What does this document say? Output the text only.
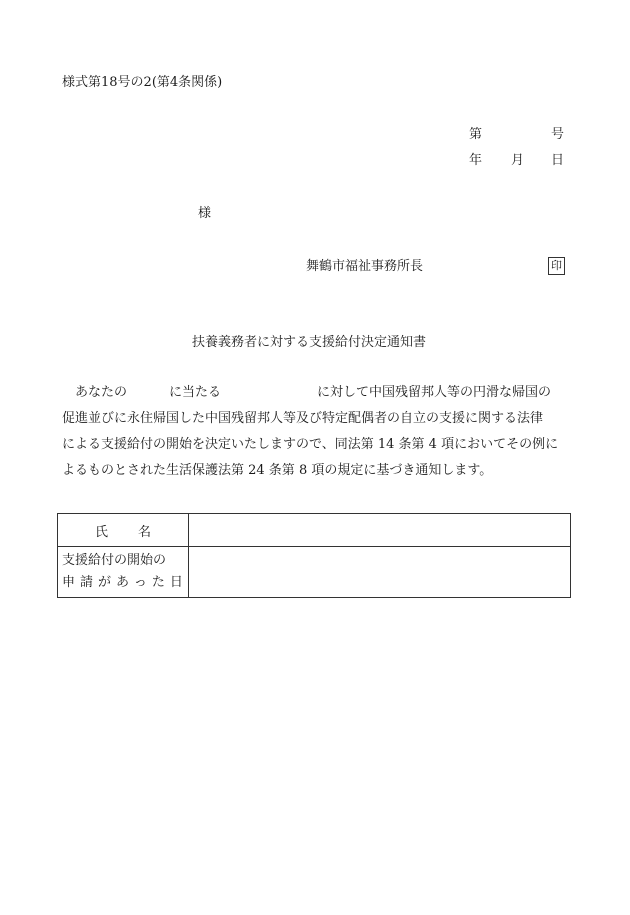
様式第18号の2(第4条関係)
第	号
年 月 日
様
舞鶴市福祉事務所長	印
扶養義務者に対する支援給付決定通知書
　あなたの	に当たる	に対して中国残留邦人等の円滑な帰国の
促進並びに永住帰国した中国残留邦人等及び特定配偶者の自立の支援に関する法律
による支援給付の開始を決定いたしますので、同法第 14 条第 4 項においてその例に
よるものとされた生活保護法第 24 条第 8 項の規定に基づき通知します。
氏名	
支援給付の開始の
申請があった日	
